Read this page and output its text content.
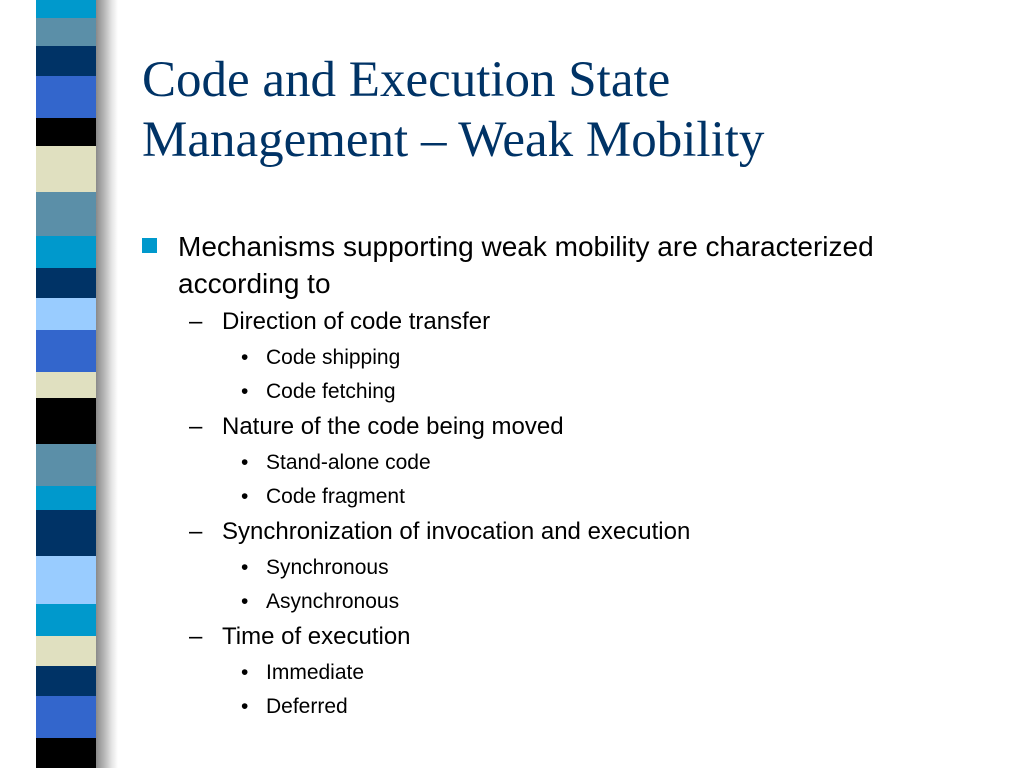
Code and Execution State
Management – Weak Mobility
Mechanisms supporting weak mobility are characterized according to
– Direction of code transfer
• Code shipping
• Code fetching
– Nature of the code being moved
• Stand-alone code
• Code fragment
– Synchronization of invocation and execution
• Synchronous
• Asynchronous
– Time of execution
• Immediate
• Deferred
